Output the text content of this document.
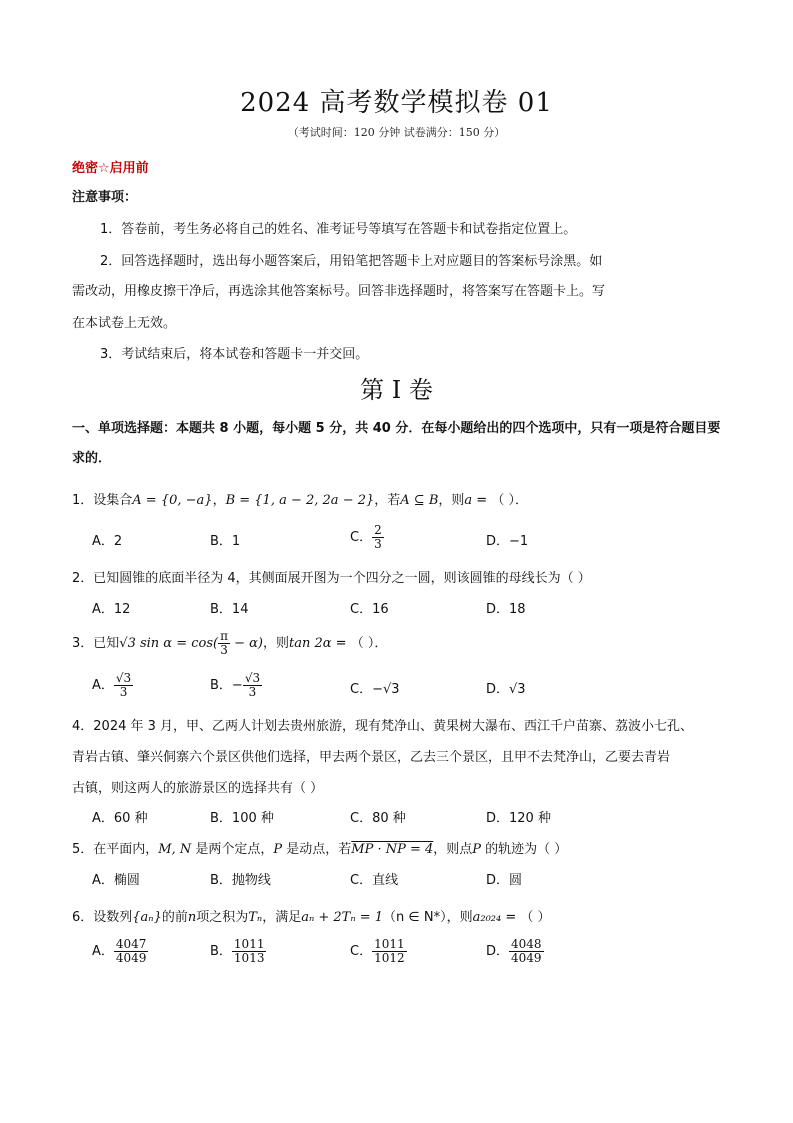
2024 高考数学模拟卷 01
（考试时间：120 分钟 试卷满分：150 分）
绝密☆启用前
注意事项：
1．答卷前，考生务必将自己的姓名、准考证号等填写在答题卡和试卷指定位置上。
2．回答选择题时，选出每小题答案后，用铅笔把答题卡上对应题目的答案标号涂黑。如
需改动，用橡皮擦干净后，再选涂其他答案标号。回答非选择题时，将答案写在答题卡上。写
在本试卷上无效。
3．考试结束后，将本试卷和答题卡一并交回。
第 I 卷
一、单项选择题：本题共 8 小题，每小题 5 分，共 40 分．在每小题给出的四个选项中，只有一项是符合题目要求的．
1．设集合A = {0, −a}，B = {1, a − 2, 2a − 2}，若A ⊆ B，则a = （ ）．
A．2	B．1	C． $\frac{2}{3}$	D．−1
2．已知圆锥的底面半径为 4，其侧面展开图为一个四分之一圆，则该圆锥的母线长为（ ）
A．12	B．14	C．16	D．18
3．已知√3 $\sin \alpha = \cos( \frac{\pi}{3} - \alpha)$，则tan 2α = （ ）．
A． $\frac{√3}{3}$	B．− $\frac{√3}{3}$	C．−√3	D．√3
4．2024 年 3 月，甲、乙两人计划去贵州旅游，现有梵净山、黄果树大瀑布、西江千户苗寨、荔波小七孔、
青岩古镇、肇兴侗寨六个景区供他们选择，甲去两个景区，乙去三个景区，且甲不去梵净山，乙要去青岩
古镇，则这两人的旅游景区的选择共有（ ）
A．60 种	B．100 种	C．80 种	D．120 种
5．在平面内，M, N 是两个定点，P 是动点，若MP · NP = 4，则点P 的轨迹为（ ）
A．椭圆	B．抛物线	C．直线	D．圆
6．设数列{aₙ}的前n项之积为Tₙ，满足aₙ + 2Tₙ = 1（n ∈ N*），则a₂₀₂₄ = （ ）
A． $\frac{4047}{4049}$	B． $\frac{1011}{1013}$	C． $\frac{1011}{1012}$	D． $\frac{4048}{4049}$
